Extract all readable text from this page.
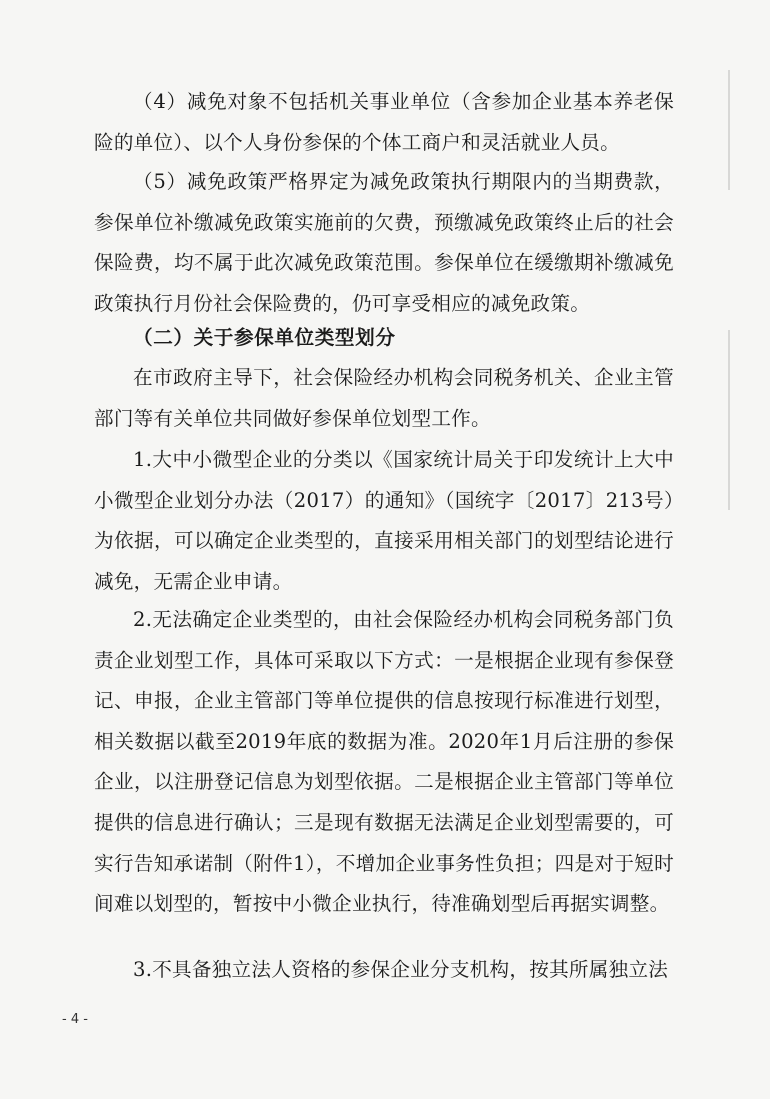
（4）减免对象不包括机关事业单位（含参加企业基本养老保险的单位）、以个人身份参保的个体工商户和灵活就业人员。

（5）减免政策严格界定为减免政策执行期限内的当期费款，参保单位补缴减免政策实施前的欠费，预缴减免政策终止后的社会保险费，均不属于此次减免政策范围。参保单位在缓缴期补缴减免政策执行月份社会保险费的，仍可享受相应的减免政策。

（二）关于参保单位类型划分

在市政府主导下，社会保险经办机构会同税务机关、企业主管部门等有关单位共同做好参保单位划型工作。

1.大中小微型企业的分类以《国家统计局关于印发统计上大中小微型企业划分办法（2017）的通知》（国统字〔2017〕213号）为依据，可以确定企业类型的，直接采用相关部门的划型结论进行减免，无需企业申请。

2.无法确定企业类型的，由社会保险经办机构会同税务部门负责企业划型工作，具体可采取以下方式：一是根据企业现有参保登记、申报，企业主管部门等单位提供的信息按现行标准进行划型，相关数据以截至2019年底的数据为准。2020年1月后注册的参保企业，以注册登记信息为划型依据。二是根据企业主管部门等单位提供的信息进行确认；三是现有数据无法满足企业划型需要的，可实行告知承诺制（附件1），不增加企业事务性负担；四是对于短时间难以划型的，暂按中小微企业执行，待准确划型后再据实调整。

3.不具备独立法人资格的参保企业分支机构，按其所属独立法

- 4 -
